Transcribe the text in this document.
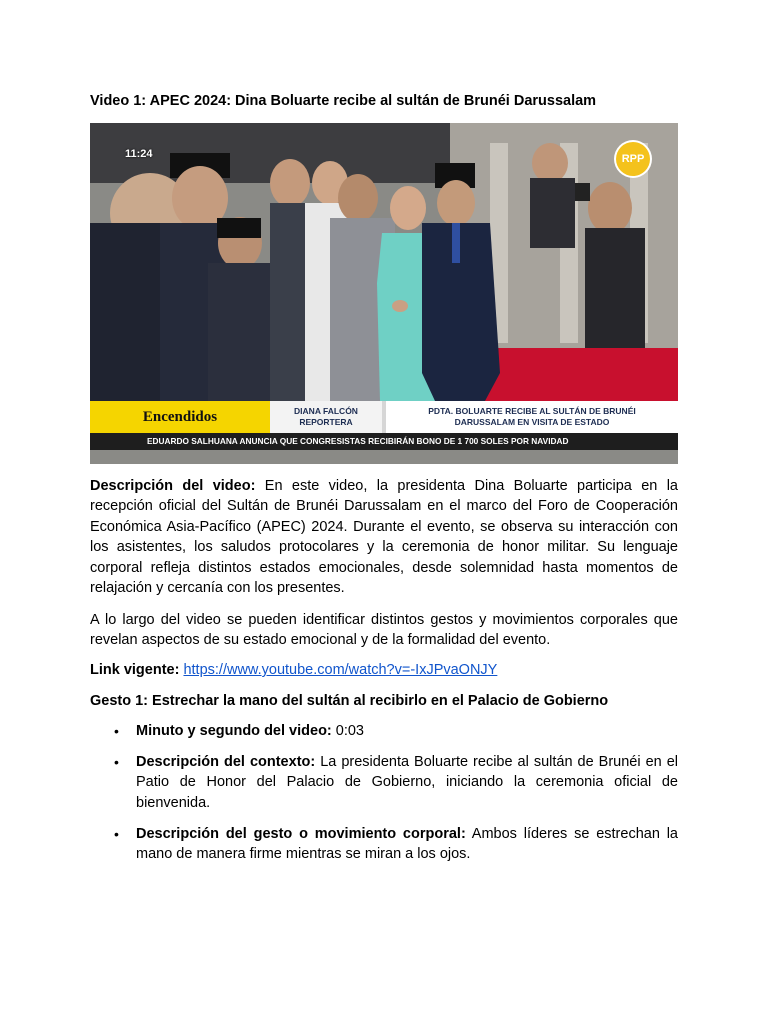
Video 1: APEC 2024: Dina Boluarte recibe al sultán de Brunéi Darussalam
11:24	RPP
Encendidos	DIANA FALCÓN
REPORTERA
PDTA. BOLUARTE RECIBE AL SULTÁN DE BRUNÉI
DARUSSALAM EN VISITA DE ESTADO
EDUARDO SALHUANA ANUNCIA QUE CONGRESISTAS RECIBIRÁN BONO DE 1 700 SOLES POR NAVIDAD
Descripción del video: En este video, la presidenta Dina Boluarte participa en la recepción oficial del Sultán de Brunéi Darussalam en el marco del Foro de Cooperación Económica Asia-Pacífico (APEC) 2024. Durante el evento, se observa su interacción con los asistentes, los saludos protocolares y la ceremonia de honor militar. Su lenguaje corporal refleja distintos estados emocionales, desde solemnidad hasta momentos de relajación y cercanía con los presentes.
A lo largo del video se pueden identificar distintos gestos y movimientos corporales que revelan aspectos de su estado emocional y de la formalidad del evento.
Link vigente: https://www.youtube.com/watch?v=-IxJPvaONJY
Gesto 1: Estrechar la mano del sultán al recibirlo en el Palacio de Gobierno
• Minuto y segundo del video: 0:03
• Descripción del contexto: La presidenta Boluarte recibe al sultán de Brunéi en el Patio de Honor del Palacio de Gobierno, iniciando la ceremonia oficial de bienvenida.
• Descripción del gesto o movimiento corporal: Ambos líderes se estrechan la mano de manera firme mientras se miran a los ojos.
